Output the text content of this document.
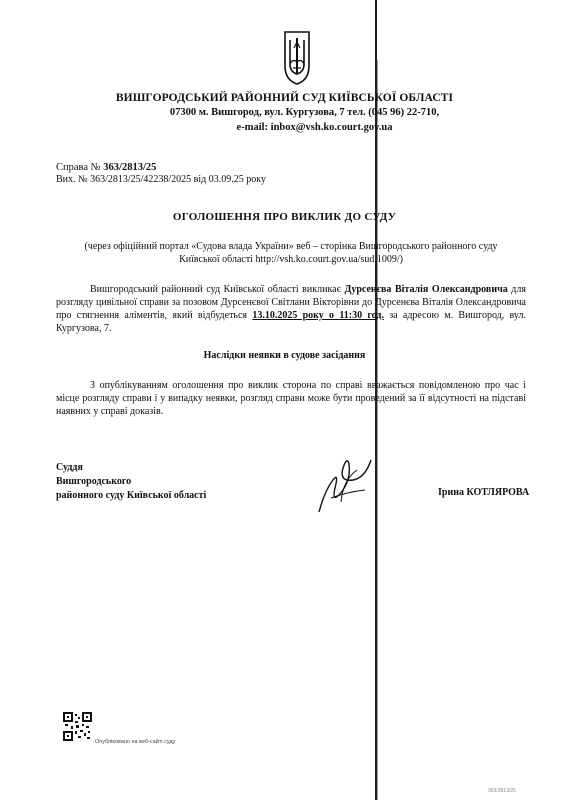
ВИШГОРОДСЬКИЙ РАЙОННИЙ СУД КИЇВСЬКОЇ ОБЛАСТІ
07300 м. Вишгород, вул. Кургузова, 7 тел. (045 96) 22-710,
e-mail: inbox@vsh.ko.court.gov.ua
Справа № 363/2813/25
Вих. № 363/2813/25/42238/2025 від 03.09.25 року
ОГОЛОШЕННЯ ПРО ВИКЛИК ДО СУДУ
(через офіційний портал «Судова влада України» веб – сторінка Вишгородського районного суду
Київської області http://vsh.ko.court.gov.ua/sud 1009/)
Вишгородський районний суд Київської області викликає Дурсенєва Віталія Олександровича для розгляду цивільної справи за позовом Дурсенєвої Світлани Вікторівни до Дурсенєва Віталія Олександровича про стягнення аліментів, який відбудеться 13.10.2025 року о 11:30 год. за адресою м. Вишгород, вул. Кургузова, 7.
Наслідки неявки в судове засідання
З опублікуванням оголошення про виклик сторона по справі вважається повідомленою про час і місце розгляду справи і у випадку неявки, розгляд справи може бути проведений за її відсутності на підставі наявних у справі доказів.
Суддя
Вишгородського
районного суду Київської області	Ірина КОТЛЯРОВА
Опубліковано на веб-сайті суду
363/2813/25
